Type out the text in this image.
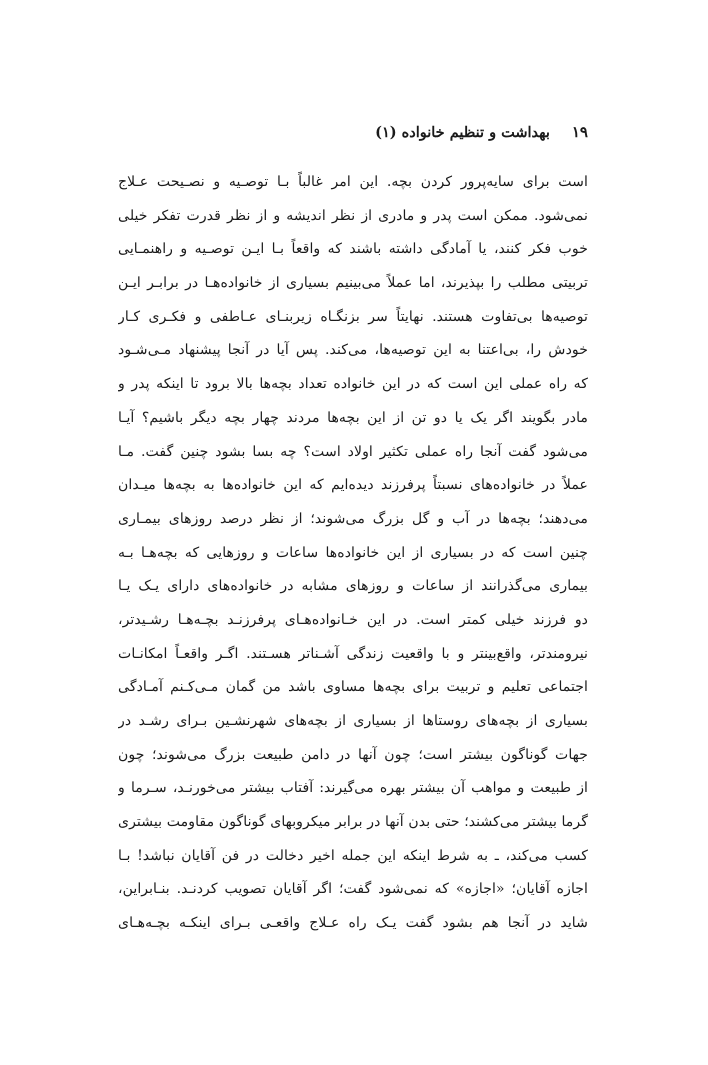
۱۹
بهداشت و تنظیم خانواده (۱)
است برای سایه‌پرور کردن بچه. این امر غالباً بـا توصـیه و نصـیحت عـلاج
نمی‌شود. ممکن است پدر و مادری از نظر اندیشه و از نظر قدرت تفکر خیلی
خوب فکر کنند، یا آمادگی داشته باشند که واقعاً بـا ایـن توصـیه و راهنمـایی
تربیتی مطلب را بپذیرند، اما عملاً می‌بینیم بسیاری از خانواده‌هـا در برابـر ایـن
توصیه‌ها بی‌تفاوت هستند. نهایتاً سر بزنگـاه زیربنـای عـاطفی و فکـری کـار
خودش را، بی‌اعتنا به این توصیه‌ها، می‌کند. پس آیا در آنجا پیشنهاد مـی‌شـود
که راه عملی این است که در این خانواده تعداد بچه‌ها بالا برود تا اینکه پدر و
مادر بگویند اگر یک یا دو تن از این بچه‌ها مردند چهار بچه دیگر باشیم؟ آیـا
می‌شود گفت آنجا راه عملی تکثیر اولاد است؟ چه بسا بشود چنین گفت. مـا
عملاً در خانواده‌های نسبتاً پرفرزند دیده‌ایم که این خانواده‌ها به بچه‌ها میـدان
می‌دهند؛ بچه‌ها در آب و گل بزرگ می‌شوند؛ از نظر درصد روزهای بیمـاری
چنین است که در بسیاری از این خانواده‌ها ساعات و روزهایی که بچه‌هـا بـه
بیماری می‌گذرانند از ساعات و روزهای مشابه در خانواده‌های دارای یـک یـا
دو فرزند خیلی کمتر است. در این خـانواده‌هـای پرفرزنـد بچـه‌هـا رشـیدتر،
نیرومندتر، واقع‌بینتر و با واقعیت زندگی آشـناتر هسـتند. اگـر واقعـاً امکانـات
اجتماعی تعلیم و تربیت برای بچه‌ها مساوی باشد من گمان مـی‌کـنم آمـادگی
بسیاری از بچه‌های روستاها از بسیاری از بچه‌های شهرنشـین بـرای رشـد در
جهات گوناگون بیشتر است؛ چون آنها در دامن طبیعت بزرگ می‌شوند؛ چون
از طبیعت و مواهب آن بیشتر بهره می‌گیرند: آفتاب بیشتر می‌خورنـد، سـرما و
گرما بیشتر می‌کشند؛ حتی بدن آنها در برابر میکروبهای گوناگون مقاومت بیشتری
کسب می‌کند، ـ به شرط اینکه این جمله اخیر دخالت در فن آقایان نباشد! بـا
اجازه آقایان؛ «اجازه» که نمی‌شود گفت؛ اگر آقایان تصویب کردنـد. بنـابراین،
شاید در آنجا هم بشود گفت یـک راه عـلاج واقعـی بـرای اینکـه بچـه‌هـای
